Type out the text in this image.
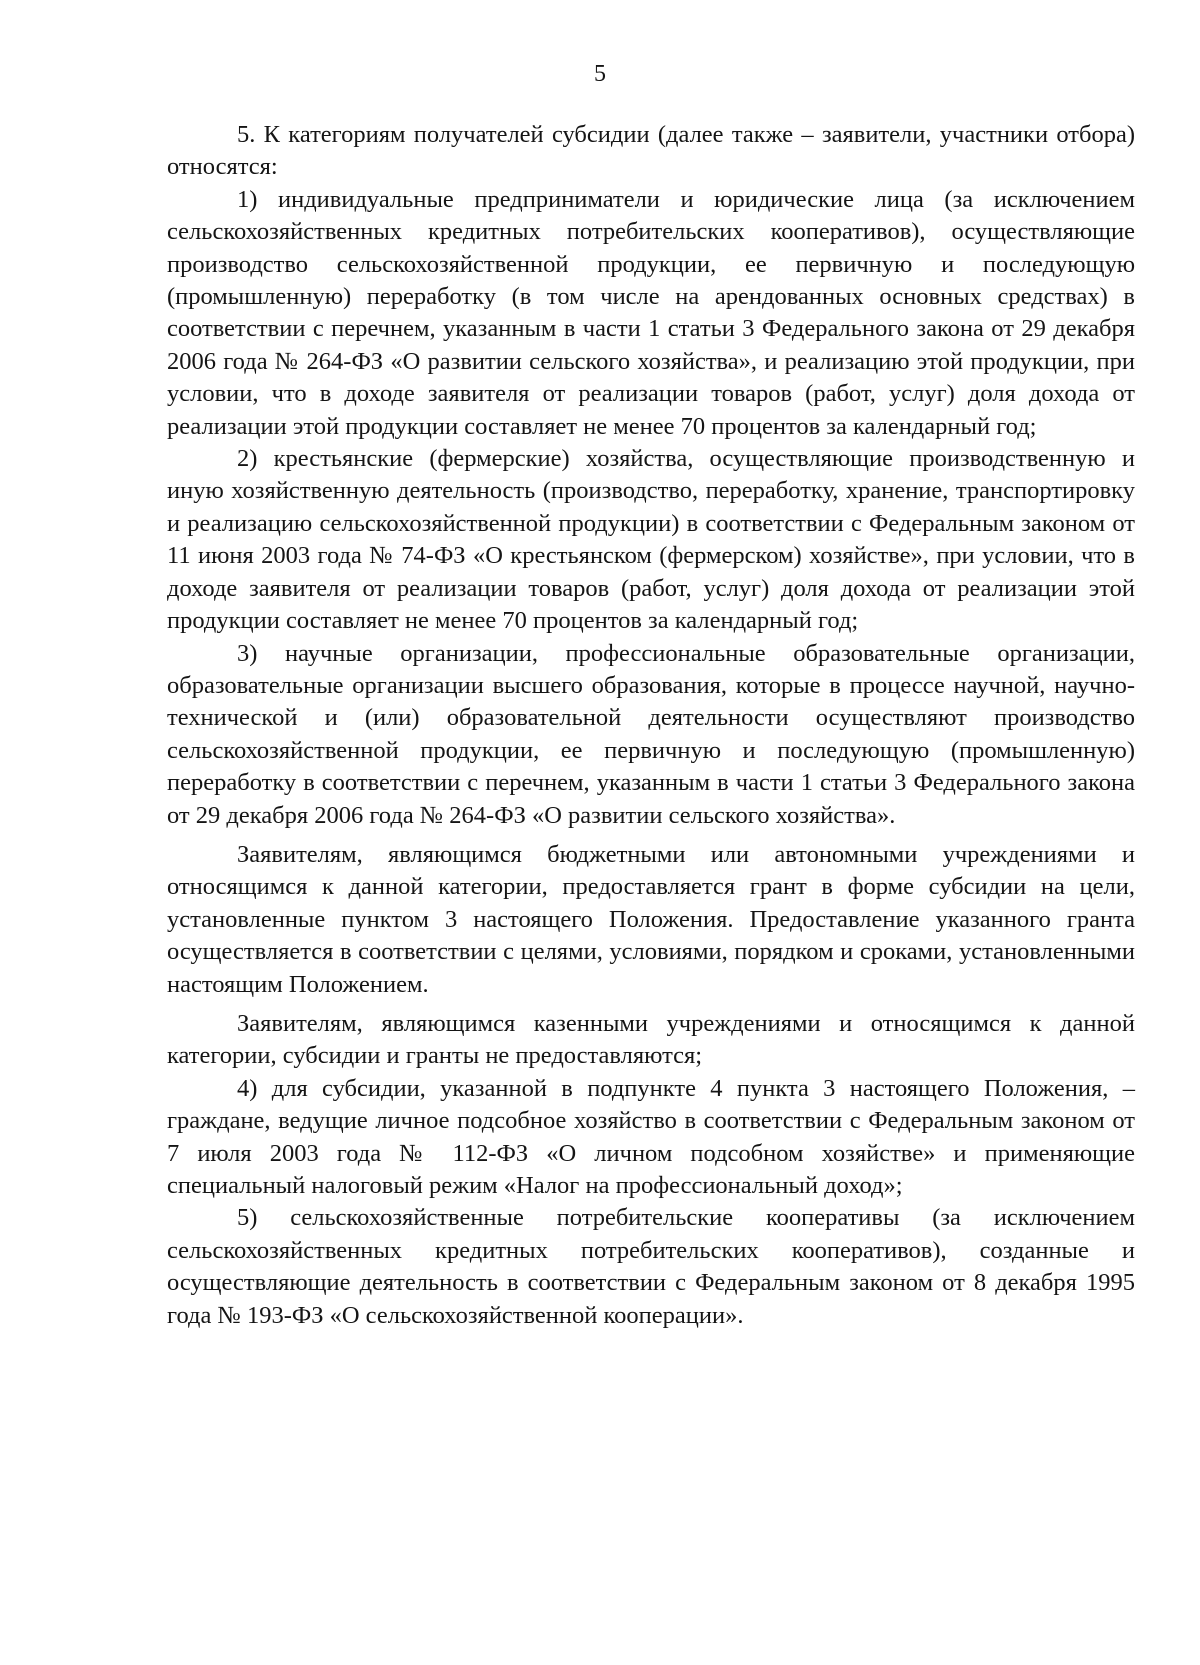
5

5. К категориям получателей субсидии (далее также – заявители, участники отбора) относятся:

1) индивидуальные предприниматели и юридические лица (за исключением сельскохозяйственных кредитных потребительских кооперативов), осуществляющие производство сельскохозяйственной продукции, ее первичную и последующую (промышленную) переработку (в том числе на арендованных основных средствах) в соответствии с перечнем, указанным в части 1 статьи 3 Федерального закона от 29 декабря 2006 года № 264-ФЗ «О развитии сельского хозяйства», и реализацию этой продукции, при условии, что в доходе заявителя от реализации товаров (работ, услуг) доля дохода от реализации этой продукции составляет не менее 70 процентов за календарный год;

2) крестьянские (фермерские) хозяйства, осуществляющие производственную и иную хозяйственную деятельность (производство, переработку, хранение, транспортировку и реализацию сельскохозяйственной продукции) в соответствии с Федеральным законом от 11 июня 2003 года № 74-ФЗ «О крестьянском (фермерском) хозяйстве», при условии, что в доходе заявителя от реализации товаров (работ, услуг) доля дохода от реализации этой продукции составляет не менее 70 процентов за календарный год;

3) научные организации, профессиональные образовательные организации, образовательные организации высшего образования, которые в процессе научной, научно-технической и (или) образовательной деятельности осуществляют производство сельскохозяйственной продукции, ее первичную и последующую (промышленную) переработку в соответствии с перечнем, указанным в части 1 статьи 3 Федерального закона от 29 декабря 2006 года № 264-ФЗ «О развитии сельского хозяйства».

Заявителям, являющимся бюджетными или автономными учреждениями и относящимся к данной категории, предоставляется грант в форме субсидии на цели, установленные пунктом 3 настоящего Положения. Предоставление указанного гранта осуществляется в соответствии с целями, условиями, порядком и сроками, установленными настоящим Положением.

Заявителям, являющимся казенными учреждениями и относящимся к данной категории, субсидии и гранты не предоставляются;

4) для субсидии, указанной в подпункте 4 пункта 3 настоящего Положения, – граждане, ведущие личное подсобное хозяйство в соответствии с Федеральным законом от 7 июля 2003 года № 112-ФЗ «О личном подсобном хозяйстве» и применяющие специальный налоговый режим «Налог на профессиональный доход»;

5) сельскохозяйственные потребительские кооперативы (за исключением сельскохозяйственных кредитных потребительских кооперативов), созданные и осуществляющие деятельность в соответствии с Федеральным законом от 8 декабря 1995 года № 193-ФЗ «О сельскохозяйственной кооперации».
